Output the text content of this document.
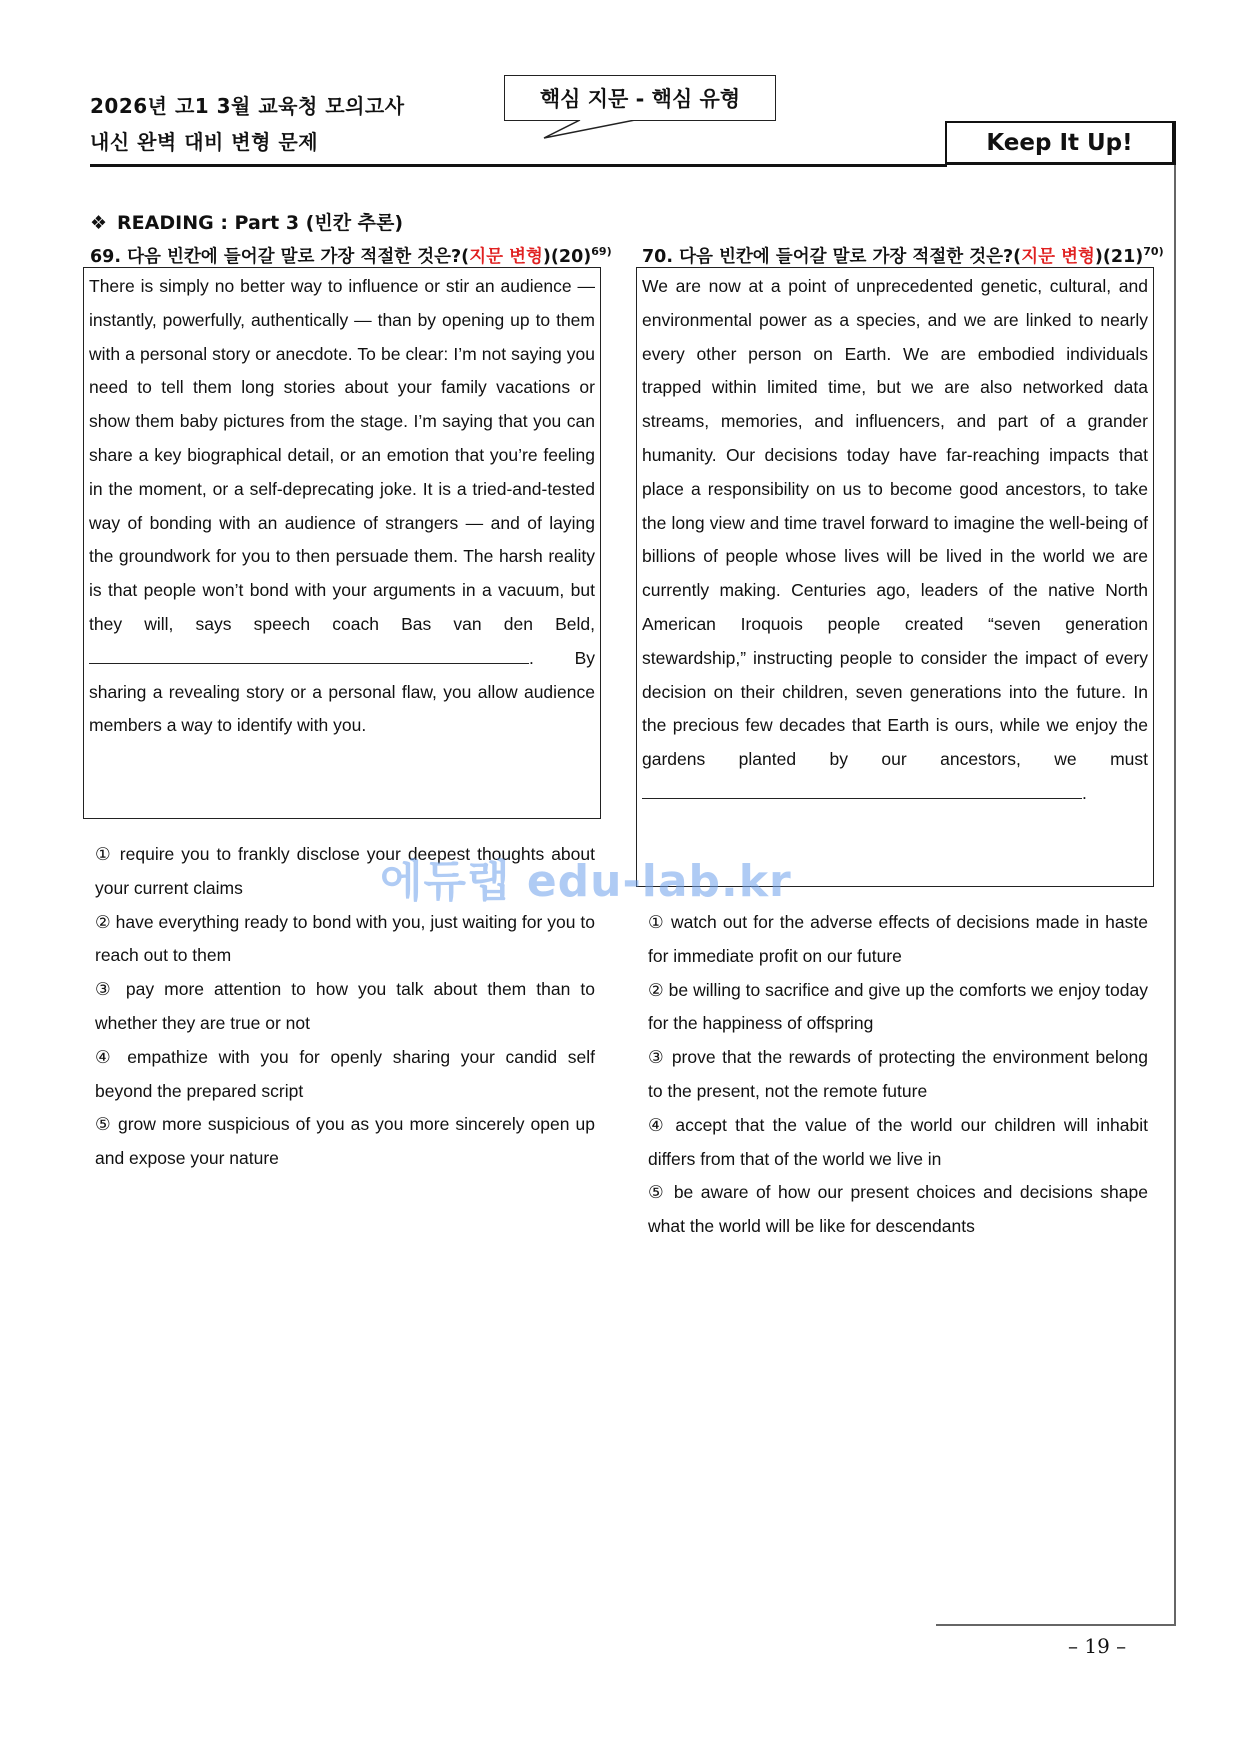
2026년 고1 3월 교육청 모의고사
내신 완벽 대비 변형 문제
핵심 지문 - 핵심 유형
Keep It Up!
❖ READING : Part 3 (빈칸 추론)
69. 다음 빈칸에 들어갈 말로 가장 적절한 것은?(지문 변형)$(20)^{69)}$
There is simply no better way to influence or stir an audience — instantly, powerfully, authentically — than by opening up to them with a personal story or anecdote. To be clear: I’m not saying you need to tell them long stories about your family vacations or show them baby pictures from the stage. I’m saying that you can share a key biographical detail, or an emotion that you’re feeling in the moment, or a self-deprecating joke. It is a tried-and-tested way of bonding with an audience of strangers — and of laying the groundwork for you to then persuade them. The harsh reality is that people won’t bond with your arguments in a vacuum, but they will, says speech coach Bas van den Beld, . By sharing a revealing story or a personal flaw, you allow audience members a way to identify with you.

① require you to frankly disclose your deepest thoughts about your current claims

② have everything ready to bond with you, just waiting for you to reach out to them

③ pay more attention to how you talk about them than to whether they are true or not

④ empathize with you for openly sharing your candid self beyond the prepared script

⑤ grow more suspicious of you as you more sincerely open up and expose your nature

70. 다음 빈칸에 들어갈 말로 가장 적절한 것은?(지문 변형)$(21)^{70)}$
We are now at a point of unprecedented genetic, cultural, and environmental power as a species, and we are linked to nearly every other person on Earth. We are embodied individuals trapped within limited time, but we are also networked data streams, memories, and influencers, and part of a grander humanity. Our decisions today have far-reaching impacts that place a responsibility on us to become good ancestors, to take the long view and time travel forward to imagine the well-being of billions of people whose lives will be lived in the world we are currently making. Centuries ago, leaders of the native North American Iroquois people created “seven generation stewardship,” instructing people to consider the impact of every decision on their children, seven generations into the future. In the precious few decades that Earth is ours, while we enjoy the gardens planted by our ancestors, we must .

① watch out for the adverse effects of decisions made in haste for immediate profit on our future

② be willing to sacrifice and give up the comforts we enjoy today for the happiness of offspring

③ prove that the rewards of protecting the environment belong to the present, not the remote future

④ accept that the value of the world our children will inhabit differs from that of the world we live in

⑤ be aware of how our present choices and decisions shape what the world will be like for descendants

에듀랩 edu-lab.kr
– 19 –
